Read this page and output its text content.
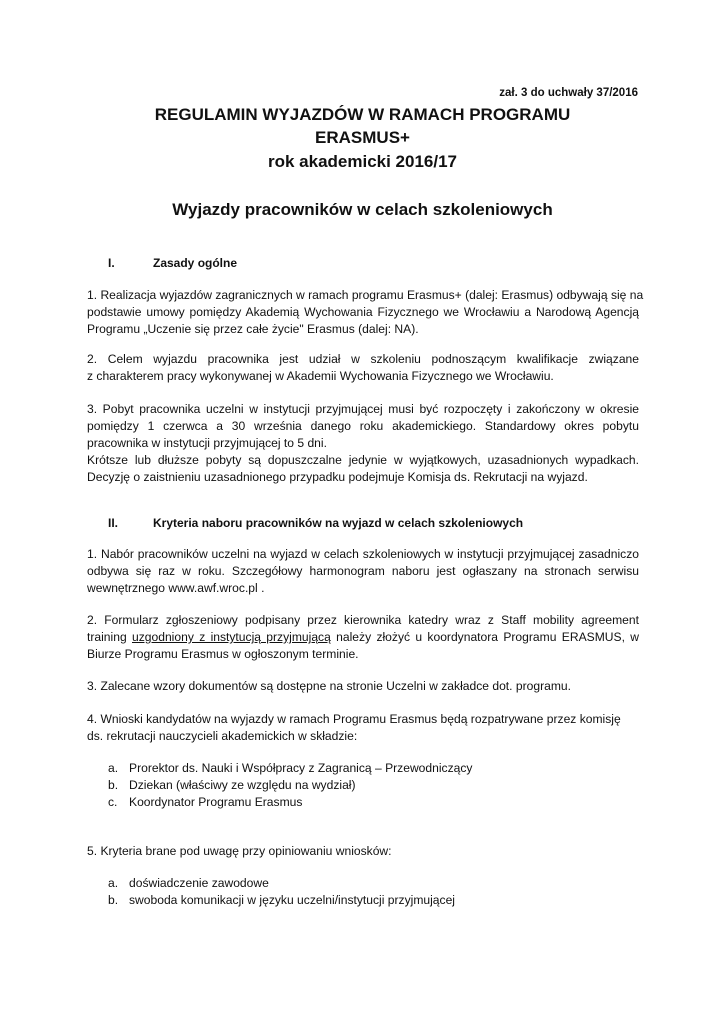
zał. 3 do uchwały 37/2016
REGULAMIN WYJAZDÓW W RAMACH PROGRAMU
ERASMUS+
rok akademicki 2016/17
Wyjazdy pracowników w celach szkoleniowych
I.	Zasady ogólne
1. Realizacja wyjazdów zagranicznych w ramach programu Erasmus+ (dalej: Erasmus) odbywają się na
podstawie umowy pomiędzy Akademią Wychowania Fizycznego we Wrocławiu a Narodową Agencją
Programu „Uczenie się przez całe życie" Erasmus (dalej: NA).
2. Celem wyjazdu pracownika jest udział w szkoleniu podnoszącym kwalifikacje związane
z charakterem pracy wykonywanej w Akademii Wychowania Fizycznego we Wrocławiu.
3. Pobyt pracownika uczelni w instytucji przyjmującej musi być rozpoczęty i zakończony w okresie
pomiędzy 1 czerwca a 30 września danego roku akademickiego. Standardowy okres pobytu
pracownika w instytucji przyjmującej to 5 dni.
Krótsze lub dłuższe pobyty są dopuszczalne jedynie w wyjątkowych, uzasadnionych wypadkach.
Decyzję o zaistnieniu uzasadnionego przypadku podejmuje Komisja ds. Rekrutacji na wyjazd.
II.	Kryteria naboru pracowników na wyjazd w celach szkoleniowych
1. Nabór pracowników uczelni na wyjazd w celach szkoleniowych w instytucji przyjmującej zasadniczo
odbywa się raz w roku. Szczegółowy harmonogram naboru jest ogłaszany na stronach serwisu
wewnętrznego www.awf.wroc.pl .
2. Formularz zgłoszeniowy podpisany przez kierownika katedry wraz z Staff mobility agreement
training uzgodniony z instytucją przyjmującą należy złożyć u koordynatora Programu ERASMUS, w
Biurze Programu Erasmus w ogłoszonym terminie.
3. Zalecane wzory dokumentów są dostępne na stronie Uczelni w zakładce dot. programu.
4. Wnioski kandydatów na wyjazdy w ramach Programu Erasmus będą rozpatrywane przez komisję
ds. rekrutacji nauczycieli akademickich w składzie:
a. Prorektor ds. Nauki i Współpracy z Zagranicą – Przewodniczący
b. Dziekan (właściwy ze względu na wydział)
c. Koordynator Programu Erasmus
5. Kryteria brane pod uwagę przy opiniowaniu wniosków:
a. doświadczenie zawodowe
b. swoboda komunikacji w języku uczelni/instytucji przyjmującej
